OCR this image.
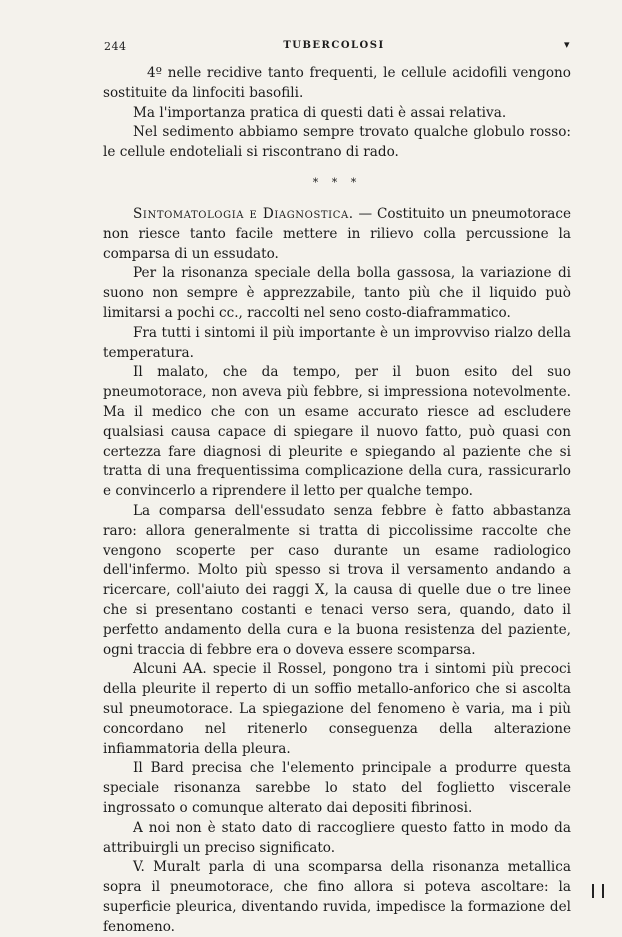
244	TUBERCOLOSI	▾

4º nelle recidive tanto frequenti, le cellule acidofili vengono sostituite da linfociti basofili.

Ma l'importanza pratica di questi dati è assai relativa.

Nel sedimento abbiamo sempre trovato qualche globulo rosso: le cellule endoteliali si riscontrano di rado.

* * *

Sintomatologia e Diagnostica. — Costituito un pneumotorace non riesce tanto facile mettere in rilievo colla percussione la comparsa di un essudato.

Per la risonanza speciale della bolla gassosa, la variazione di suono non sempre è apprezzabile, tanto più che il liquido può limitarsi a pochi cc., raccolti nel seno costo-diaframmatico.

Fra tutti i sintomi il più importante è un improvviso rialzo della temperatura.

Il malato, che da tempo, per il buon esito del suo pneumotorace, non aveva più febbre, si impressiona notevolmente. Ma il medico che con un esame accurato riesce ad escludere qualsiasi causa capace di spiegare il nuovo fatto, può quasi con certezza fare diagnosi di pleurite e spiegando al paziente che si tratta di una frequentissima complicazione della cura, rassicurarlo e convincerlo a riprendere il letto per qualche tempo.

La comparsa dell'essudato senza febbre è fatto abbastanza raro: allora generalmente si tratta di piccolissime raccolte che vengono scoperte per caso durante un esame radiologico dell'infermo. Molto più spesso si trova il versamento andando a ricercare, coll'aiuto dei raggi X, la causa di quelle due o tre linee che si presentano costanti e tenaci verso sera, quando, dato il perfetto andamento della cura e la buona resistenza del paziente, ogni traccia di febbre era o doveva essere scomparsa.

Alcuni AA. specie il Rossel, pongono tra i sintomi più precoci della pleurite il reperto di un soffio metallo-anforico che si ascolta sul pneumotorace. La spiegazione del fenomeno è varia, ma i più concordano nel ritenerlo conseguenza della alterazione infiammatoria della pleura.

Il Bard precisa che l'elemento principale a produrre questa speciale risonanza sarebbe lo stato del foglietto viscerale ingrossato o comunque alterato dai depositi fibrinosi.

A noi non è stato dato di raccogliere questo fatto in modo da attribuirgli un preciso significato.

V. Muralt parla di una scomparsa della risonanza metallica sopra il pneumotorace, che fino allora si poteva ascoltare: la superficie pleurica, diventando ruvida, impedisce la formazione del fenomeno.
